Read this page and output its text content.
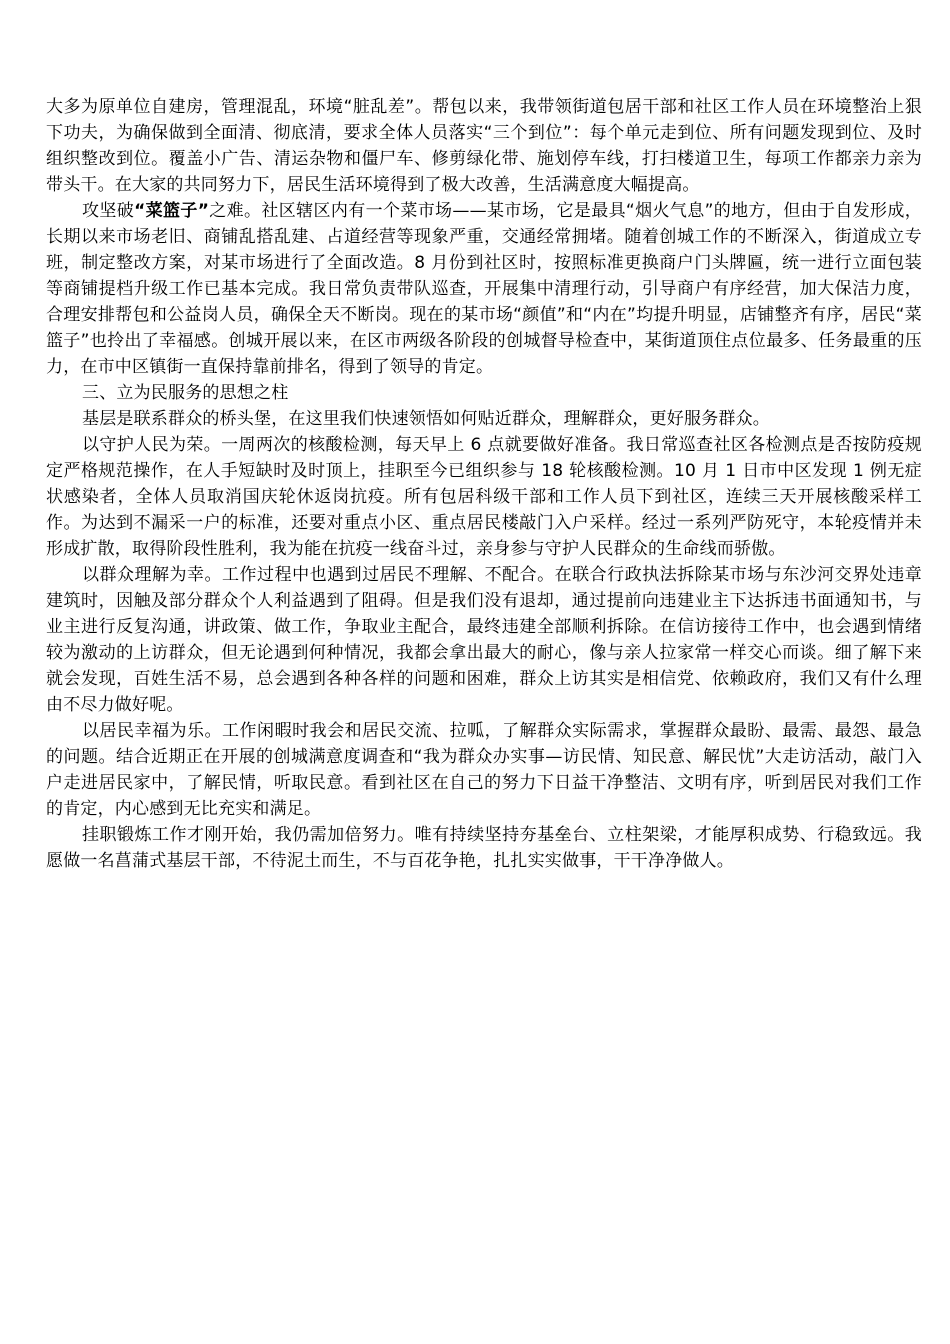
大多为原单位自建房，管理混乱，环境“脏乱差”。帮包以来，我带领街道包居干部和社区工作人员在环境整治上狠下功夫，为确保做到全面清、彻底清，要求全体人员落实“三个到位”：每个单元走到位、所有问题发现到位、及时组织整改到位。覆盖小广告、清运杂物和僵尸车、修剪绿化带、施划停车线，打扫楼道卫生，每项工作都亲力亲为带头干。在大家的共同努力下，居民生活环境得到了极大改善，生活满意度大幅提高。

攻坚破“菜篮子”之难。社区辖区内有一个菜市场——某市场，它是最具“烟火气息”的地方，但由于自发形成，长期以来市场老旧、商铺乱搭乱建、占道经营等现象严重，交通经常拥堵。随着创城工作的不断深入，街道成立专班，制定整改方案，对某市场进行了全面改造。8 月份到社区时，按照标准更换商户门头牌匾，统一进行立面包装等商铺提档升级工作已基本完成。我日常负责带队巡查，开展集中清理行动，引导商户有序经营，加大保洁力度，合理安排帮包和公益岗人员，确保全天不断岗。现在的某市场“颜值”和“内在”均提升明显，店铺整齐有序，居民“菜篮子”也拎出了幸福感。创城开展以来，在区市两级各阶段的创城督导检查中，某街道顶住点位最多、任务最重的压力，在市中区镇街一直保持靠前排名，得到了领导的肯定。

三、立为民服务的思想之柱

基层是联系群众的桥头堡，在这里我们快速领悟如何贴近群众，理解群众，更好服务群众。

以守护人民为荣。一周两次的核酸检测，每天早上 6 点就要做好准备。我日常巡查社区各检测点是否按防疫规定严格规范操作，在人手短缺时及时顶上，挂职至今已组织参与 18 轮核酸检测。10 月 1 日市中区发现 1 例无症状感染者，全体人员取消国庆轮休返岗抗疫。所有包居科级干部和工作人员下到社区，连续三天开展核酸采样工作。为达到不漏采一户的标准，还要对重点小区、重点居民楼敲门入户采样。经过一系列严防死守，本轮疫情并未形成扩散，取得阶段性胜利，我为能在抗疫一线奋斗过，亲身参与守护人民群众的生命线而骄傲。

以群众理解为幸。工作过程中也遇到过居民不理解、不配合。在联合行政执法拆除某市场与东沙河交界处违章建筑时，因触及部分群众个人利益遇到了阻碍。但是我们没有退却，通过提前向违建业主下达拆违书面通知书，与业主进行反复沟通，讲政策、做工作，争取业主配合，最终违建全部顺利拆除。在信访接待工作中，也会遇到情绪较为激动的上访群众，但无论遇到何种情况，我都会拿出最大的耐心，像与亲人拉家常一样交心而谈。细了解下来就会发现，百姓生活不易，总会遇到各种各样的问题和困难，群众上访其实是相信党、依赖政府，我们又有什么理由不尽力做好呢。

以居民幸福为乐。工作闲暇时我会和居民交流、拉呱，了解群众实际需求，掌握群众最盼、最需、最怨、最急的问题。结合近期正在开展的创城满意度调查和“我为群众办实事—访民情、知民意、解民忧”大走访活动，敲门入户走进居民家中，了解民情，听取民意。看到社区在自己的努力下日益干净整洁、文明有序，听到居民对我们工作的肯定，内心感到无比充实和满足。

挂职锻炼工作才刚开始，我仍需加倍努力。唯有持续坚持夯基垒台、立柱架梁，才能厚积成势、行稳致远。我愿做一名菖蒲式基层干部，不待泥土而生，不与百花争艳，扎扎实实做事，干干净净做人。
